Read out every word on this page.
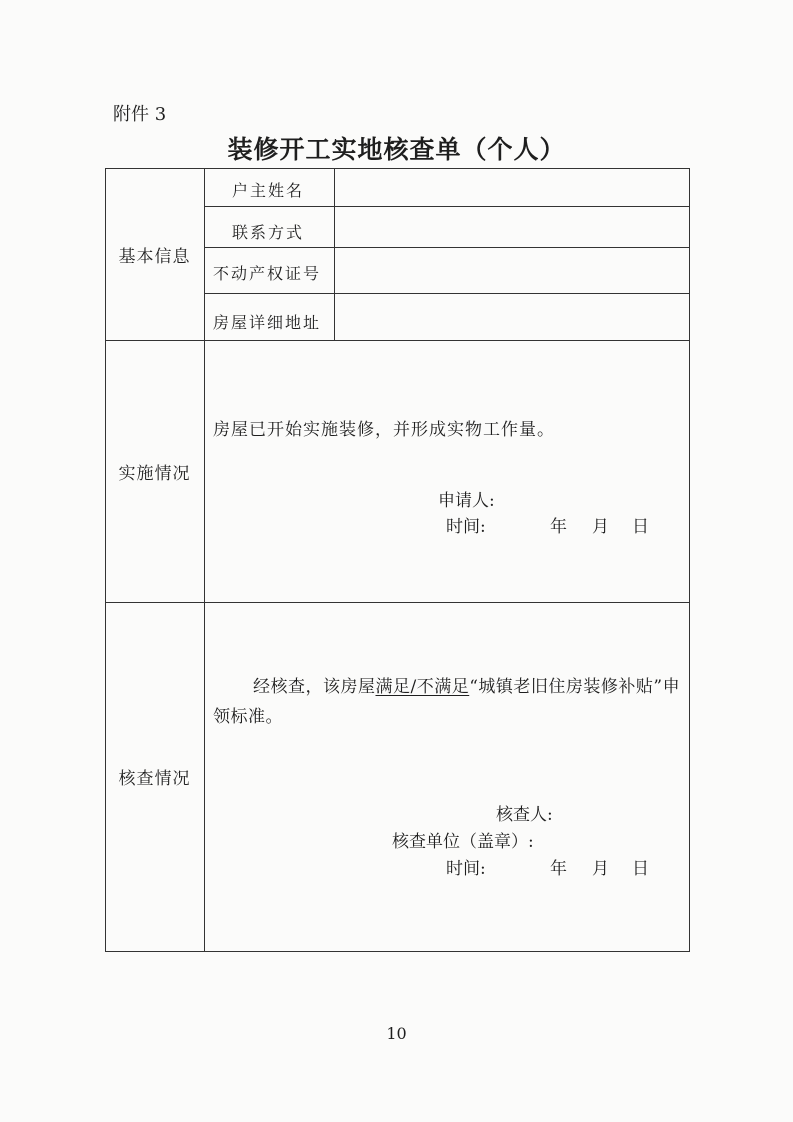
附件 3
装修开工实地核查单（个人）
基本信息
实施情况
核查情况
户主姓名
联系方式
不动产权证号
房屋详细地址
房屋已开始实施装修，并形成实物工作量。
申请人:
时间:	年 月 日
经核查，该房屋满足/不满足“城镇老旧住房装修补贴”申领标准。
核查人:
核查单位（盖章）:
时间:	年 月 日
10
